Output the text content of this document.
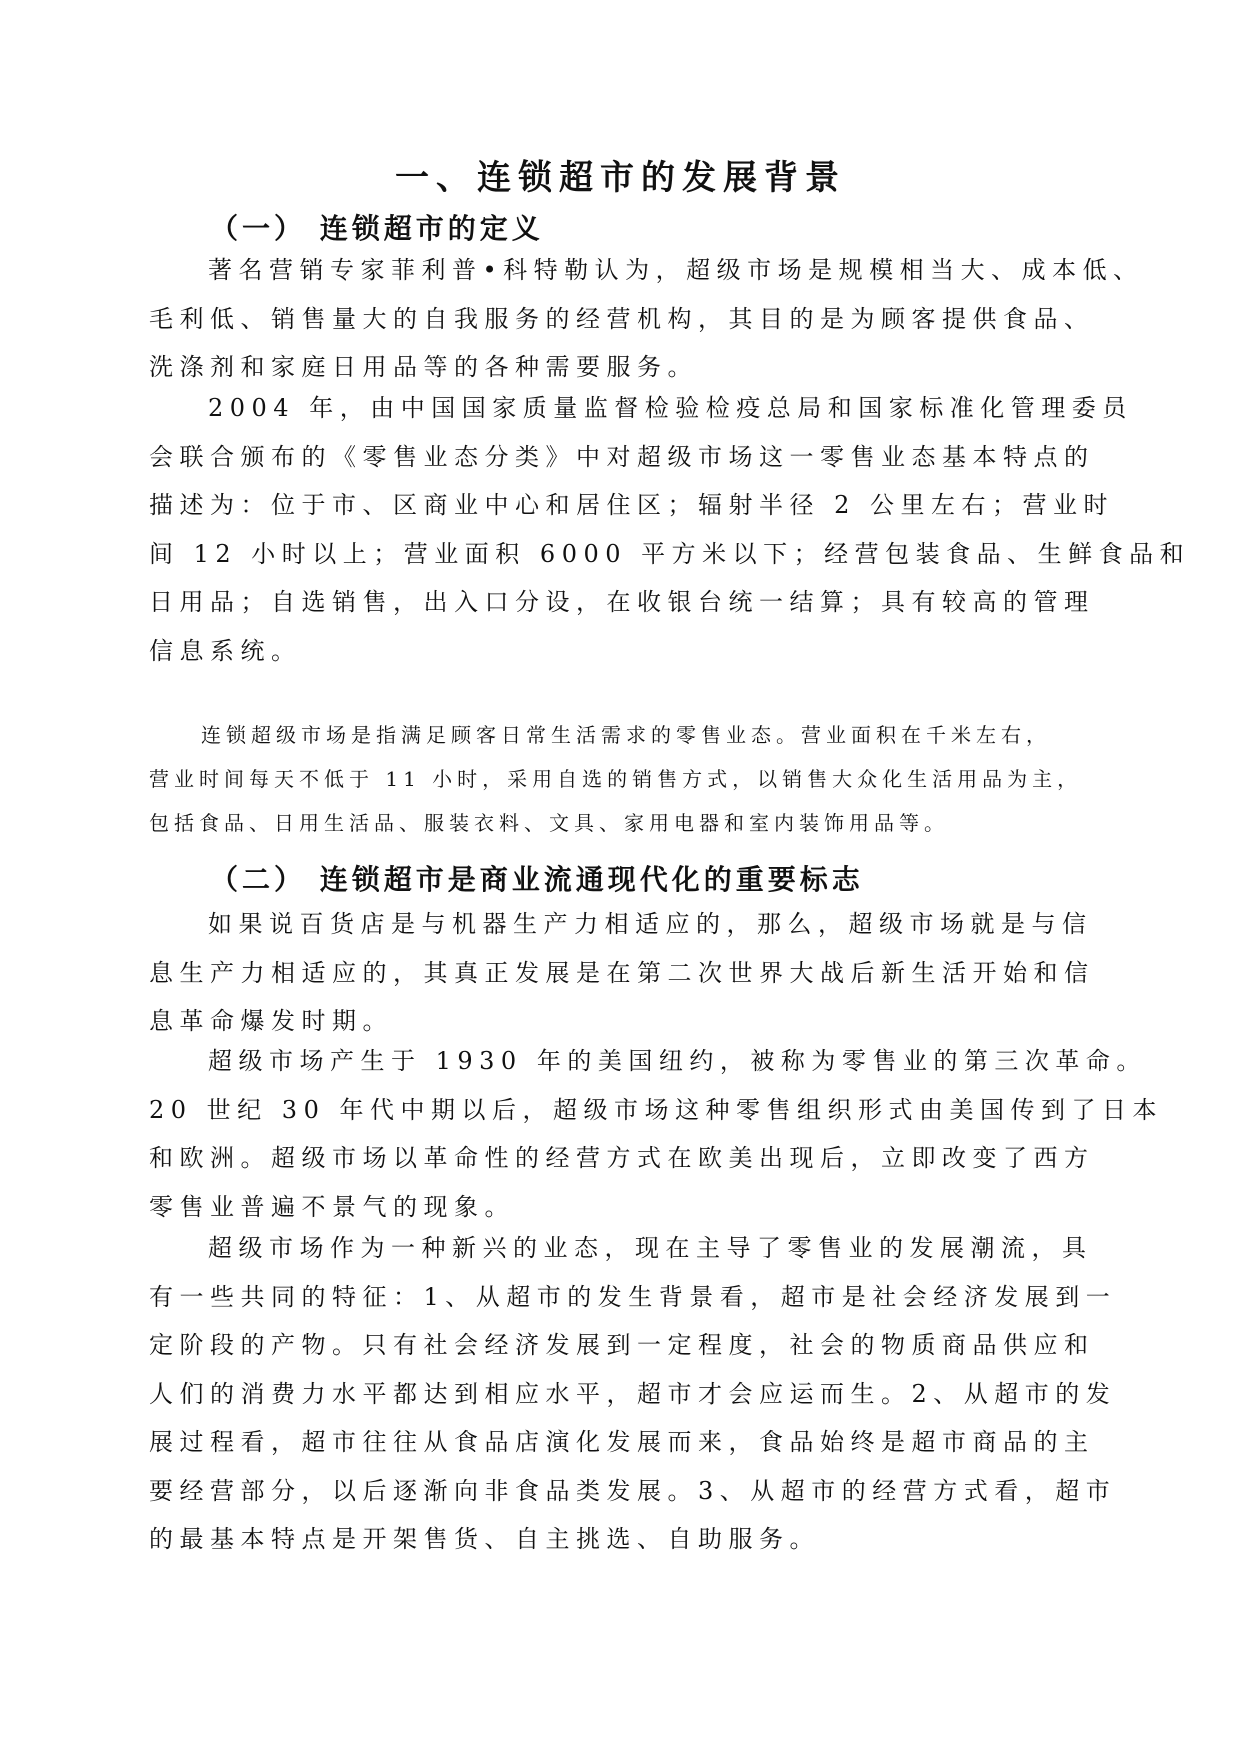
一、连锁超市的发展背景
（一） 连锁超市的定义

著名营销专家菲利普•科特勒认为，超级市场是规模相当大、成本低、
毛利低、销售量大的自我服务的经营机构，其目的是为顾客提供食品、
洗涤剂和家庭日用品等的各种需要服务。

2004 年，由中国国家质量监督检验检疫总局和国家标准化管理委员
会联合颁布的《零售业态分类》中对超级市场这一零售业态基本特点的
描述为：位于市、区商业中心和居住区；辐射半径 2 公里左右；营业时
间 12 小时以上；营业面积 6000 平方米以下；经营包装食品、生鲜食品和
日用品；自选销售，出入口分设，在收银台统一结算；具有较高的管理
信息系统。

连锁超级市场是指满足顾客日常生活需求的零售业态。营业面积在千米左右，
营业时间每天不低于 11 小时，采用自选的销售方式，以销售大众化生活用品为主，
包括食品、日用生活品、服装衣料、文具、家用电器和室内装饰用品等。

（二） 连锁超市是商业流通现代化的重要标志

如果说百货店是与机器生产力相适应的，那么，超级市场就是与信
息生产力相适应的，其真正发展是在第二次世界大战后新生活开始和信
息革命爆发时期。

超级市场产生于 1930 年的美国纽约，被称为零售业的第三次革命。
20 世纪 30 年代中期以后，超级市场这种零售组织形式由美国传到了日本
和欧洲。超级市场以革命性的经营方式在欧美出现后，立即改变了西方
零售业普遍不景气的现象。

超级市场作为一种新兴的业态，现在主导了零售业的发展潮流，具
有一些共同的特征：1、从超市的发生背景看，超市是社会经济发展到一
定阶段的产物。只有社会经济发展到一定程度，社会的物质商品供应和
人们的消费力水平都达到相应水平，超市才会应运而生。2、从超市的发
展过程看，超市往往从食品店演化发展而来，食品始终是超市商品的主
要经营部分，以后逐渐向非食品类发展。3、从超市的经营方式看，超市
的最基本特点是开架售货、自主挑选、自助服务。
